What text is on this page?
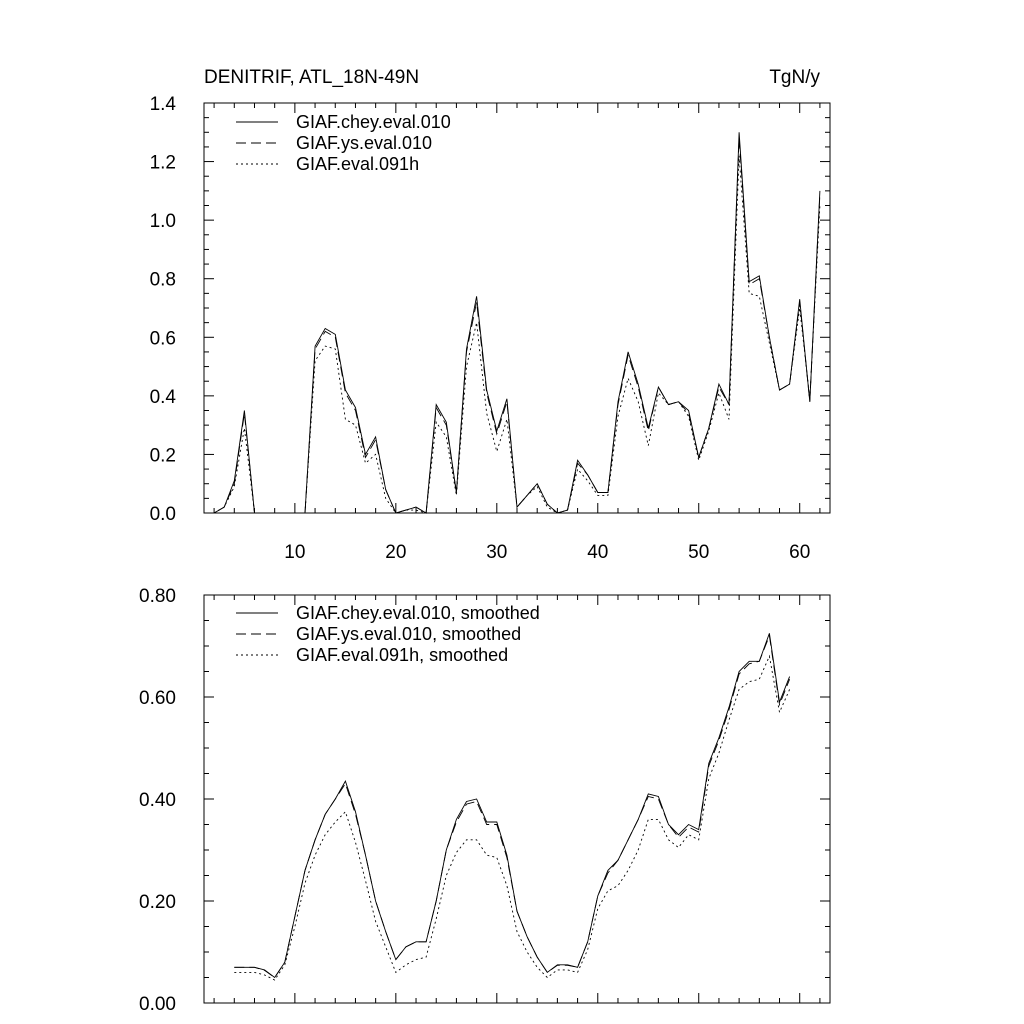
10	20	30	40	50	60
0.0
0.2
0.4
0.6
0.8
1.0
1.2
1.4
DENITRIF, ATL_18N-49N	TgN/y
GIAF.chey.eval.010
GIAF.ys.eval.010
GIAF.eval.091h
0.00
0.20
0.40
0.60
0.80
GIAF.chey.eval.010, smoothed
GIAF.ys.eval.010, smoothed
GIAF.eval.091h, smoothed
